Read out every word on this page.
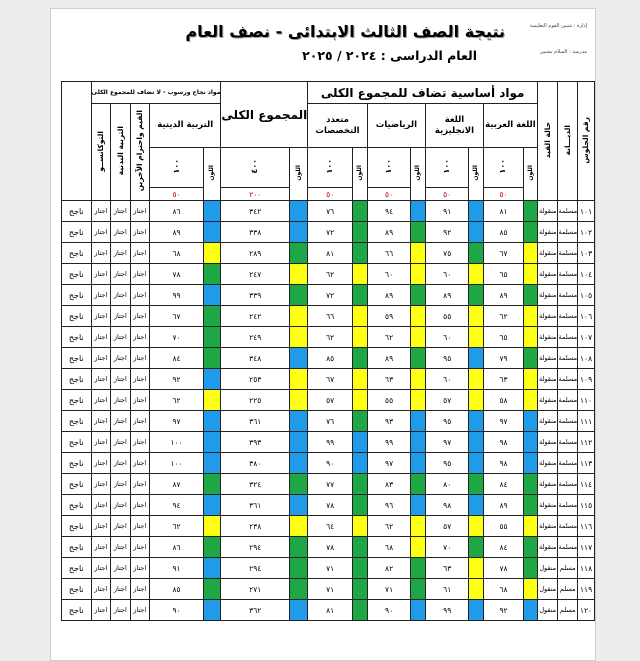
نتيجة الصف الثالث الابتدائى - نصف العام
العام الدراسى : ٢٠٢٤ / ٢٠٢٥
إدارة : شبين القوم التعليمية
مدرسة : السلام بشبين
رقم الجلوس	الديـــانة	حالة القيد	مواد أساسية تضاف للمجموع الكلى								المجموع الكلى		مواد نجاح ورسوب - لا تضاف للمجموع الكلى					نتيجة الطالب
			اللغة العربية		اللغة الانجليزية		الرياضيات		متعدد التخصصات				التربية الدينية		القيم واحترام الآخرين	التربية البدنية	التوكاتســو	
			اللون	١٠٠	اللون	١٠٠	اللون	١٠٠	اللون	١٠٠	اللون	٤٠٠	اللون	١٠٠				
				٥٠		٥٠		٥٠		٥٠		٢٠٠		٥٠				
١٠١	مسلمة	منقولة		٨١		٩١		٩٤		٧٦		٣٤٢		٨٦	اجتاز	اجتاز	اجتاز	ناجح
١٠٢	مسلمة	منقولة		٨٥		٩٢		٨٩		٧٢		٣٣٨		٨٩	اجتاز	اجتاز	اجتاز	ناجح
١٠٣	مسلمة	منقولة		٦٧		٧٥		٦٦		٨١		٢٨٩		٦٨	اجتاز	اجتاز	اجتاز	ناجح
١٠٤	مسلمة	منقولة		٦٥		٦٠		٦٠		٦٢		٢٤٧		٧٨	اجتاز	اجتاز	اجتاز	ناجح
١٠٥	مسلمة	منقولة		٨٩		٨٩		٨٩		٧٢		٣٣٩		٩٩	اجتاز	اجتاز	اجتاز	ناجح
١٠٦	مسلمة	منقولة		٦٢		٥٥		٥٩		٦٦		٢٤٢		٦٧	اجتاز	اجتاز	اجتاز	ناجح
١٠٧	مسلمة	منقولة		٦٥		٦٠		٦٢		٦٢		٢٤٩		٧٠	اجتاز	اجتاز	اجتاز	ناجح
١٠٨	مسلمة	منقولة		٧٩		٩٥		٨٩		٨٥		٣٤٨		٨٤	اجتاز	اجتاز	اجتاز	ناجح
١٠٩	مسلمة	منقولة		٦٣		٦٠		٦٣		٦٧		٢٥٣		٩٢	اجتاز	اجتاز	اجتاز	ناجح
١١٠	مسلمة	منقولة		٥٨		٥٧		٥٥		٥٧		٢٢٥		٦٢	اجتاز	اجتاز	اجتاز	ناجح
١١١	مسلمة	منقولة		٩٧		٩٥		٩٣		٧٦		٣٦١		٩٧	اجتاز	اجتاز	اجتاز	ناجح
١١٢	مسلمة	منقولة		٩٨		٩٧		٩٩		٩٩		٣٩٣		١٠٠	اجتاز	اجتاز	اجتاز	ناجح
١١٣	مسلمة	منقولة		٩٨		٩٥		٩٧		٩٠		٣٨٠		١٠٠	اجتاز	اجتاز	اجتاز	ناجح
١١٤	مسلمة	منقولة		٨٤		٨٠		٨٣		٧٧		٣٢٤		٨٧	اجتاز	اجتاز	اجتاز	ناجح
١١٥	مسلمة	منقولة		٨٩		٩٨		٩٦		٧٨		٣٦١		٩٤	اجتاز	اجتاز	اجتاز	ناجح
١١٦	مسلمة	منقولة		٥٥		٥٧		٦٢		٦٤		٢٣٨		٦٢	اجتاز	اجتاز	اجتاز	ناجح
١١٧	مسلمة	منقولة		٨٤		٧٠		٦٨		٧٨		٢٩٤		٨٦	اجتاز	اجتاز	اجتاز	ناجح
١١٨	مسلم	منقول		٧٨		٦٣		٨٢		٧١		٢٩٤		٩١	اجتاز	اجتاز	اجتاز	ناجح
١١٩	مسلم	منقول		٦٨		٦١		٧١		٧١		٢٧١		٨٥	اجتاز	اجتاز	اجتاز	ناجح
١٢٠	مسلم	منقول		٩٢		٩٩		٩٠		٨١		٣٦٢		٩٠	اجتاز	اجتاز	اجتاز	ناجح
